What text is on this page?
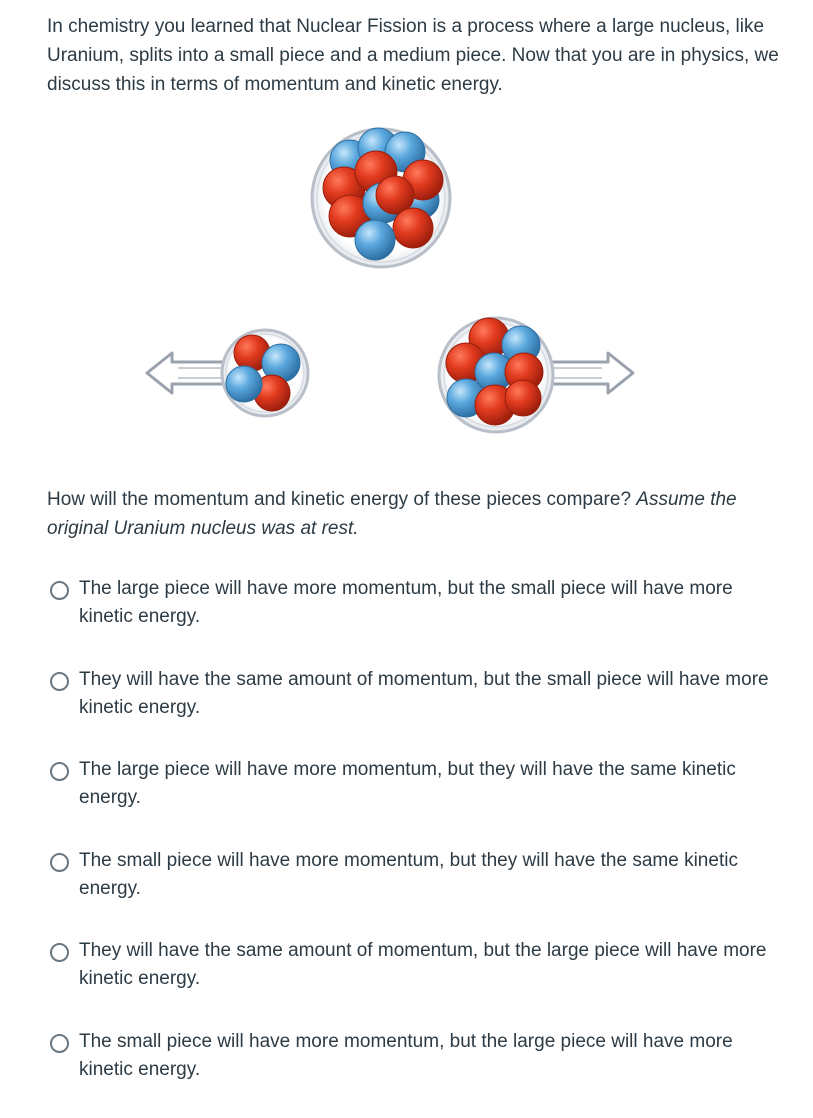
In chemistry you learned that Nuclear Fission is a process where a large nucleus, like Uranium, splits into a small piece and a medium piece. Now that you are in physics, we discuss this in terms of momentum and kinetic energy.

How will the momentum and kinetic energy of these pieces compare? Assume the original Uranium nucleus was at rest.

The large piece will have more momentum, but the small piece will have more kinetic energy.
They will have the same amount of momentum, but the small piece will have more kinetic energy.
The large piece will have more momentum, but they will have the same kinetic energy.
The small piece will have more momentum, but they will have the same kinetic energy.
They will have the same amount of momentum, but the large piece will have more kinetic energy.
The small piece will have more momentum, but the large piece will have more kinetic energy.
